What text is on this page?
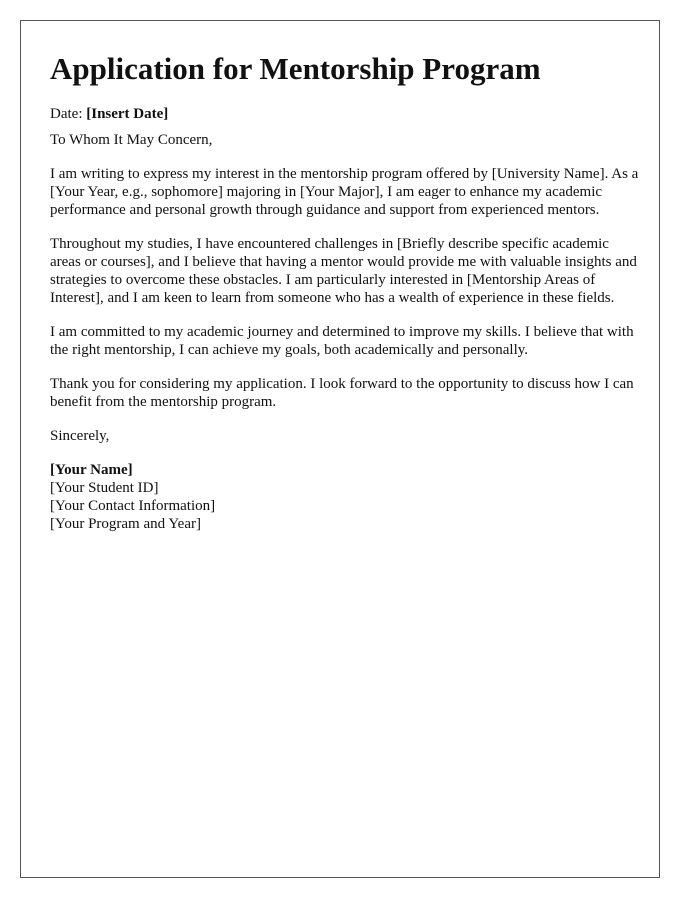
Application for Mentorship Program
Date: [Insert Date]
To Whom It May Concern,
I am writing to express my interest in the mentorship program offered by [University Name]. As a [Your Year, e.g., sophomore] majoring in [Your Major], I am eager to enhance my academic performance and personal growth through guidance and support from experienced mentors.
Throughout my studies, I have encountered challenges in [Briefly describe specific academic areas or courses], and I believe that having a mentor would provide me with valuable insights and strategies to overcome these obstacles. I am particularly interested in [Mentorship Areas of Interest], and I am keen to learn from someone who has a wealth of experience in these fields.
I am committed to my academic journey and determined to improve my skills. I believe that with the right mentorship, I can achieve my goals, both academically and personally.
Thank you for considering my application. I look forward to the opportunity to discuss how I can benefit from the mentorship program.
Sincerely,
[Your Name]
[Your Student ID]
[Your Contact Information]
[Your Program and Year]
